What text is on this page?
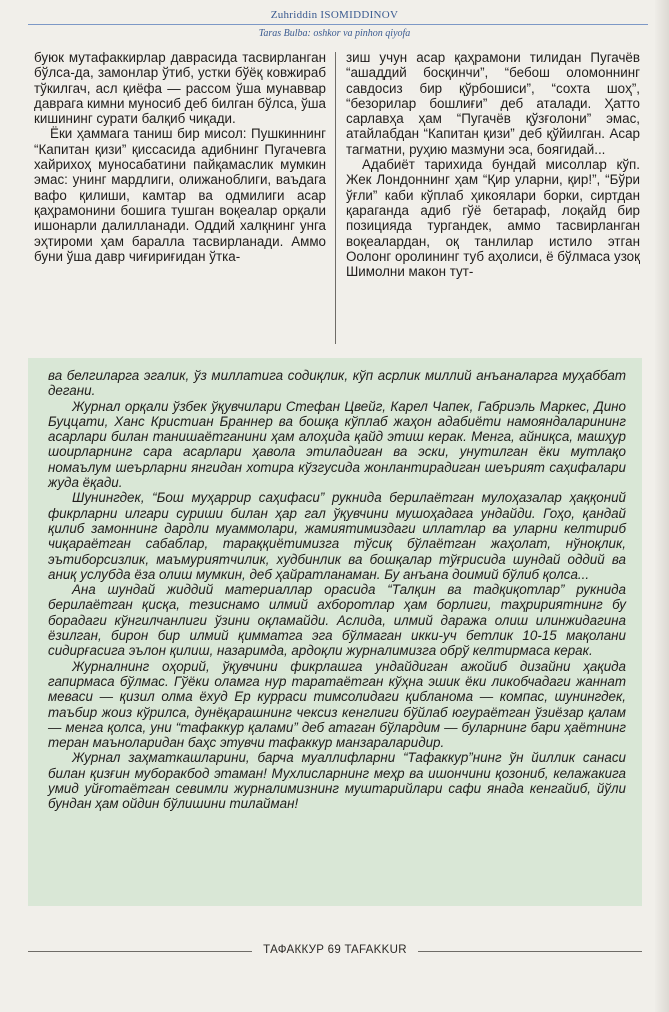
Zuhriddin ISOMIDDINOV
Taras Bulba: oshkor va pinhon qiyofa

буюк мутафаккирлар даврасида тасвирланган бўлса-да, замонлар ўтиб, устки бўёқ ковжираб тўкилгач, асл қиёфа — рассом ўша мунаввар даврага кимни муносиб деб билган бўлса, ўша кишининг сурати балқиб чиқади.

Ёки ҳаммага таниш бир мисол: Пушкиннинг “Капитан қизи” қиссасида адибнинг Пугачевга хайрихоҳ муносабатини пайқамаслик мумкин эмас: унинг мардлиги, олижанoблиги, ваъдага вафо қилиши, камтар ва одмилиги асар қаҳрамонини бошига тушган воқеалар орқали ишонарли далилланади. Оддий халқнинг унга эҳтироми ҳам баралла тасвирланади. Аммо буни ўша давр чиғириғидан ўтка-

зиш учун асар қаҳрамони тилидан Пугачёв “ашаддий босқинчи”, “бебош оломоннинг савдосиз бир қўрбошиси”, “сохта шоҳ”, “безорилар бошлиғи” деб аталади. Ҳатто сарлавҳа ҳам “Пугачёв қўзғолони” эмас, атайлабдан “Капитан қизи” деб қўйилган. Асар тагматни, руҳию мазмуни эса, боягидай...

Адабиёт тарихида бундай мисоллар кўп. Жек Лондоннинг ҳам “Қир уларни, қир!”, “Бўри ўғли” каби кўплаб ҳикоялари борки, сиртдан қараганда адиб гўё бетараф, лоқайд бир позицияда тургандек, аммо тасвирланган воқеалардан, оқ танлилар истило этган Оолонг оролининг туб аҳолиси, ё бўлмаса узоқ Шимолни макон тут-

ва белгиларга эгалик, ўз миллатига содиқлик, кўп асрлик миллий анъаналарга муҳаббат дегани.

Журнал орқали ўзбек ўқувчилари Стефан Цвейг, Карел Чапек, Габриэль Маркес, Дино Буццати, Ханс Кристиан Браннер ва бошқа кўплаб жаҳон адабиёти намояндаларининг асарлари билан танишаётганини ҳам алоҳида қайд этиш керак. Менга, айниқса, машҳур шоирларнинг сара асарлари ҳавола этиладиган ва эски, унутилган ёки мутлақо номаълум шеърларни янгидан хотира кўзгусида жонлантирадиган шеърият саҳифалари жуда ёқади.

Шунингдек, “Бош муҳаррир саҳифаси” рукнида берилаётган мулоҳазалар ҳаққоний фикрларни илгари суриши билан ҳар гал ўқувчини мушоҳадага ундайди. Гоҳо, қандай қилиб замоннинг дардли муаммолари, жамиятимиздаги иллатлар ва уларни келтириб чиқараётган сабаблар, тараққиётимизга тўсиқ бўлаётган жаҳолат, нўноқлик, эътиборсизлик, маъмуриятчилик, худбинлик ва бошқалар тўғрисида шундай оддий ва аниқ услубда ёза олиш мумкин, деб ҳайратланаман. Бу анъана доимий бўлиб қолса...

Ана шундай жиддий материаллар орасида “Талқин ва тадқиқотлар” рукнида берилаётган қисқа, тезиснамо илмий ахборотлар ҳам борлиги, таҳририятнинг бу борадаги кўнгилчанлиги ўзини оқламайди. Аслида, илмий даража олиш илинжидагина ёзилган, бирон бир илмий қимматга эга бўлмаган икки-уч бетлик 10-15 мақолани сидирғасига эълон қилиш, назаримда, ардоқли журналимизга обрў келтирмаса керак.

Журналнинг оҳорий, ўқувчини фикрлашга ундайдиган ажойиб дизайни ҳақида гапирмаса бўлмас. Гўёки оламга нур таратаётган кўҳна эшик ёки ликобчадаги жаннат меваси — қизил олма ёхуд Ер курраси тимсолидаги қибланома — компас, шунингдек, таъбир жоиз кўрилса, дунёқарашнинг чексиз кенглиги бўйлаб югураётган ўзиёзар қалам — менга қолса, уни “тафаккур қалами” деб атаган бўлардим — буларнинг бари ҳаётнинг теран маъноларидан баҳс этувчи тафаккур манзараларидир.

Журнал заҳматкашларини, барча муаллифларни “Тафаккур”нинг ўн йиллик санаси билан қизғин муборакбод этаман! Мухлисларнинг меҳр ва ишончини қозониб, келажакига умид уйғотаётган севимли журналимизнинг муштарийлари сафи янада кенгайиб, йўли бундан ҳам ойдин бўлишини тилайман!

ТАФАККУР 69 TAFAKKUR
